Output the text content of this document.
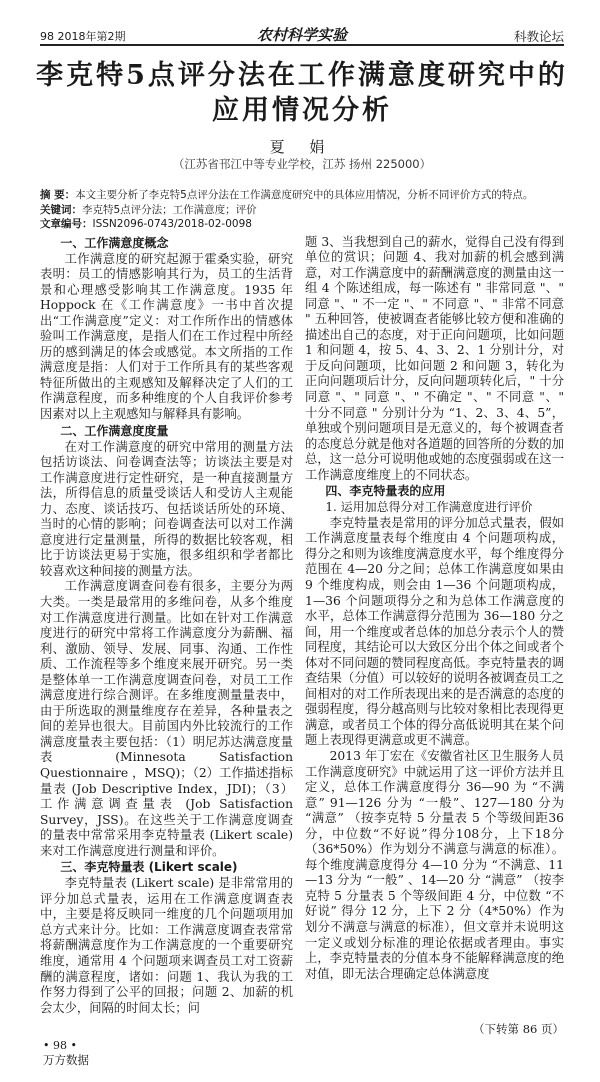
98 2018年第2期	农村科学实验	科教论坛
李克特5点评分法在工作满意度研究中的应用情况分析
夏 娟
（江苏省邗江中等专业学校，江苏 扬州 225000）
摘 要：本文主要分析了李克特5点评分法在工作满意度研究中的具体应用情况，分析不同评价方式的特点。
关键词：李克特5点评分法；工作满意度；评价
文章编号：ISSN2096-0743/2018-02-0098
一、工作满意度概念

工作满意度的研究起源于霍桑实验，研究表明：员工的情感影响其行为，员工的生活背景和心理感受影响其工作满意度。1935 年 Hoppock 在《工作满意度》一书中首次提出“工作满意度”定义：对工作所作出的情感体验叫工作满意度，是指人们在工作过程中所经历的感到满足的体会或感觉。本文所指的工作满意度是指：人们对于工作所具有的某些客观特征所做出的主观感知及解释决定了人们的工作满意程度，而多种维度的个人自我评价参考因素对以上主观感知与解释具有影响。

二、工作满意度度量

在对工作满意度的研究中常用的测量方法包括访谈法、问卷调查法等；访谈法主要是对工作满意度进行定性研究，是一种直接测量方法，所得信息的质量受谈话人和受访人主观能力、态度、谈话技巧、包括谈话所处的环境、当时的心情的影响；问卷调查法可以对工作满意度进行定量测量，所得的数据比较客观，相比于访谈法更易于实施，很多组织和学者都比较喜欢这种间接的测量方法。

工作满意度调查问卷有很多，主要分为两大类。一类是最常用的多维问卷，从多个维度对工作满意度进行测量。比如在针对工作满意度进行的研究中常将工作满意度分为薪酬、福利、激励、领导、发展、同事、沟通、工作性质、工作流程等多个维度来展开研究。另一类是整体单一工作满意度调查问卷，对员工工作满意度进行综合测评。在多维度测量量表中，由于所选取的测量维度存在差异，各种量表之间的差异也很大。目前国内外比较流行的工作满意度量表主要包括：（1）明尼苏达满意度量表 (Minnesota Satisfaction Questionnaire ，MSQ)；（2）工作描述指标量表 (Job Descriptive Index，JDI)；（3）工作满意调查量表 (Job Satisfaction Survey，JSS)。在这些关于工作满意度调查的量表中常常采用李克特量表 (Likert scale) 来对工作满意度进行测量和评价。

三、李克特量表 (Likert scale)

李克特量表 (Likert scale) 是非常常用的评分加总式量表，运用在工作满意度调查表中，主要是将反映同一维度的几个问题项用加总方式来计分。比如：工作满意度调查表常常将薪酬满意度作为工作满意度的一个重要研究维度，通常用 4 个问题项来调查员工对工资薪酬的满意程度，诸如：问题 1、我认为我的工作努力得到了公平的回报；问题 2、加薪的机会太少，间隔的时间太长；问

题 3、当我想到自己的薪水，觉得自己没有得到单位的赏识；问题 4、我对加薪的机会感到满意，对工作满意度中的薪酬满意度的测量由这一组 4 个陈述组成，每一陈述有 " 非常同意 "、" 同意 "、" 不一定 "、" 不同意 "、" 非常不同意 " 五种回答，使被调查者能够比较方便和准确的描述出自己的态度，对于正向问题项，比如问题 1 和问题 4，按 5、4、3、2、1 分别计分，对于反向问题项，比如问题 2 和问题 3，转化为正向问题项后计分，反向问题项转化后，" 十分同意 "、" 同意 "、" 不确定 "、" 不同意 "、" 十分不同意 " 分别计分为 “1、2、3、4、5”，单独或个别问题项目是无意义的，每个被调查者的态度总分就是他对各道题的回答所的分数的加总，这一总分可说明他或她的态度强弱或在这一工作满意度维度上的不同状态。

四、李克特量表的应用
1. 运用加总得分对工作满意度进行评价

李克特量表是常用的评分加总式量表，假如工作满意度量表每个维度由 4 个问题项构成，得分之和则为该维度满意度水平，每个维度得分范围在 4—20 分之间；总体工作满意度如果由 9 个维度构成，则会由 1—36 个问题项构成，1—36 个问题项得分之和为总体工作满意度的水平，总体工作满意得分范围为 36—180 分之间，用一个维度或者总体的加总分表示个人的赞同程度，其结论可以大致区分出个体之间或者个体对不同问题的赞同程度高低。李克特量表的调查结果（分值）可以较好的说明各被调查员工之间相对的对工作所表现出来的是否满意的态度的强弱程度，得分越高则与比较对象相比表现得更满意，或者员工个体的得分高低说明其在某个问题上表现得更满意或更不满意。

2013 年丁宏在《安徽省社区卫生服务人员工作满意度研究》中就运用了这一评价方法并且定义，总体工作满意度得分 36—90 为 “不满意” 91—126 分为 “一般”、127—180 分为 “满意” （按李克特 5 分量表 5 个等级间距36分，中位数“不好说”得分108分，上下18分（36*50%）作为划分不满意与满意的标准）。每个维度满意度得分 4—10 分为 “不满意、11—13 分为 “一般” 、14—20 分 “满意” （按李克特 5 分量表 5 个等级间距 4 分，中位数 “不好说” 得分 12 分，上下 2 分（4*50%）作为划分不满意与满意的标准），但文章并未说明这一定义或划分标准的理论依据或者理由。事实上，李克特量表的分值本身不能解释满意度的绝对值，即无法合理确定总体满意度

（下转第 86 页）
• 98 •
万方数据
